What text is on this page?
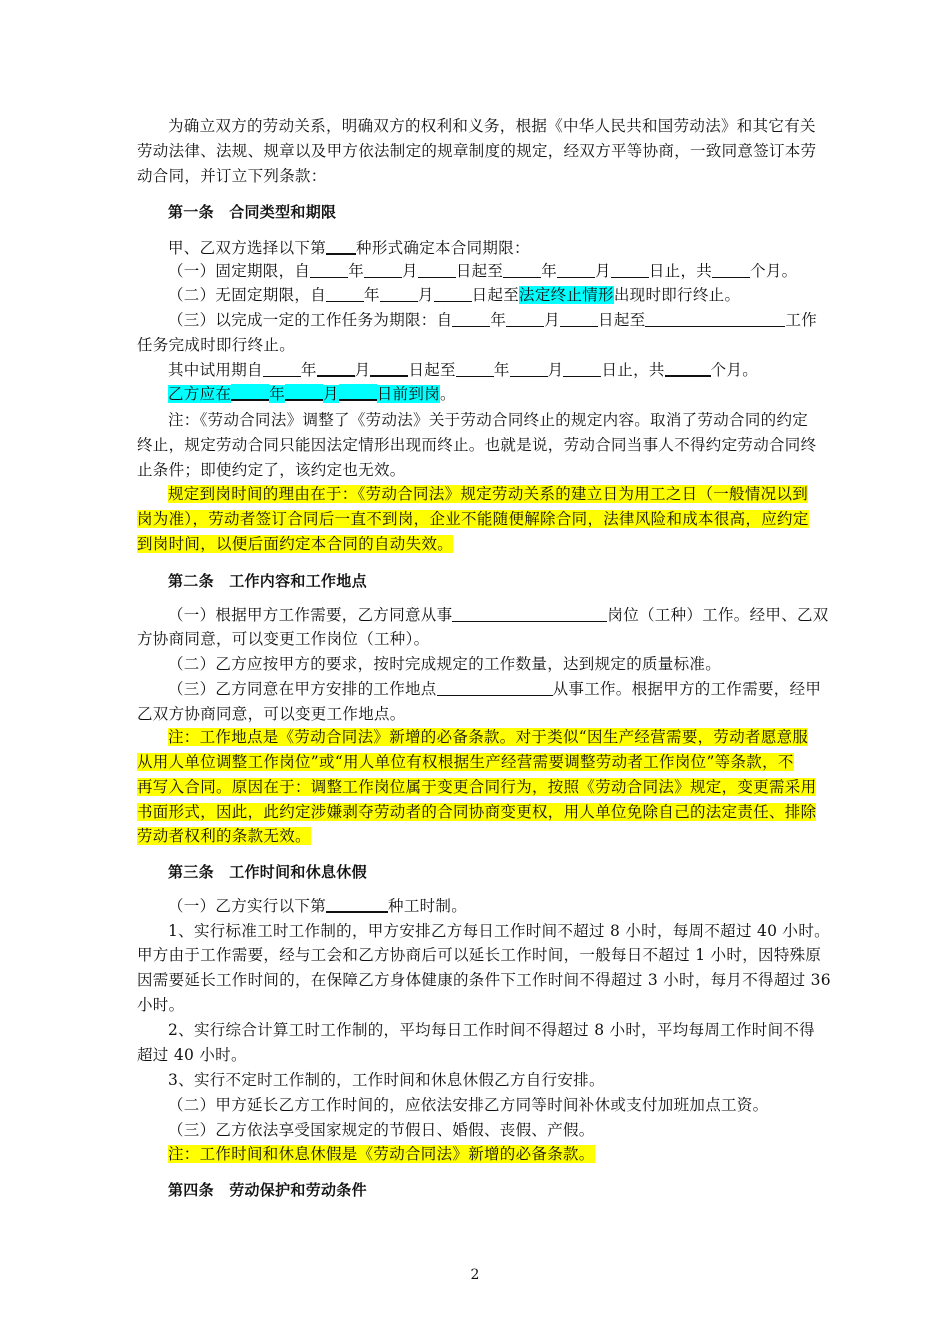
为确立双方的劳动关系，明确双方的权利和义务，根据《中华人民共和国劳动法》和其它有关
劳动法律、法规、规章以及甲方依法制定的规章制度的规定，经双方平等协商，一致同意签订本劳
动合同，并订立下列条款：
第一条　合同类型和期限
甲、乙双方选择以下第 种形式确定本合同期限：
（一）固定期限，自 年 月 日起至 年 月 日止，共 个月。
（二）无固定期限，自 年 月 日起至法定终止情形出现时即行终止。
（三）以完成一定的工作任务为期限：自 年 月 日起至	工作
任务完成时即行终止。
其中试用期自 年 月 日起至 年 月 日止，共	个月。
乙方应在 年 月 日前到岗。
注：《劳动合同法》调整了《劳动法》关于劳动合同终止的规定内容。取消了劳动合同的约定
终止，规定劳动合同只能因法定情形出现而终止。也就是说，劳动合同当事人不得约定劳动合同终
止条件；即使约定了，该约定也无效。
规定到岗时间的理由在于：《劳动合同法》规定劳动关系的建立日为用工之日（一般情况以到
岗为准），劳动者签订合同后一直不到岗，企业不能随便解除合同，法律风险和成本很高，应约定
到岗时间，以便后面约定本合同的自动失效。
第二条　工作内容和工作地点
（一）根据甲方工作需要，乙方同意从事	岗位（工种）工作。经甲、乙双
方协商同意，可以变更工作岗位（工种）。
（二）乙方应按甲方的要求，按时完成规定的工作数量，达到规定的质量标准。
（三）乙方同意在甲方安排的工作地点	从事工作。根据甲方的工作需要，经甲
乙双方协商同意，可以变更工作地点。
注：工作地点是《劳动合同法》新增的必备条款。对于类似“因生产经营需要，劳动者愿意服
从用人单位调整工作岗位”或“用人单位有权根据生产经营需要调整劳动者工作岗位”等条款，不
再写入合同。原因在于：调整工作岗位属于变更合同行为，按照《劳动合同法》规定，变更需采用
书面形式，因此，此约定涉嫌剥夺劳动者的合同协商变更权，用人单位免除自己的法定责任、排除
劳动者权利的条款无效。
第三条　工作时间和休息休假
（一）乙方实行以下第	种工时制。
1、实行标准工时工作制的，甲方安排乙方每日工作时间不超过 8 小时，每周不超过 40 小时。
甲方由于工作需要，经与工会和乙方协商后可以延长工作时间，一般每日不超过 1 小时，因特殊原
因需要延长工作时间的，在保障乙方身体健康的条件下工作时间不得超过 3 小时，每月不得超过 36
小时。
2、实行综合计算工时工作制的，平均每日工作时间不得超过 8 小时，平均每周工作时间不得
超过 40 小时。
3、实行不定时工作制的，工作时间和休息休假乙方自行安排。
（二）甲方延长乙方工作时间的，应依法安排乙方同等时间补休或支付加班加点工资。
（三）乙方依法享受国家规定的节假日、婚假、丧假、产假。
注：工作时间和休息休假是《劳动合同法》新增的必备条款。
第四条　劳动保护和劳动条件
2
